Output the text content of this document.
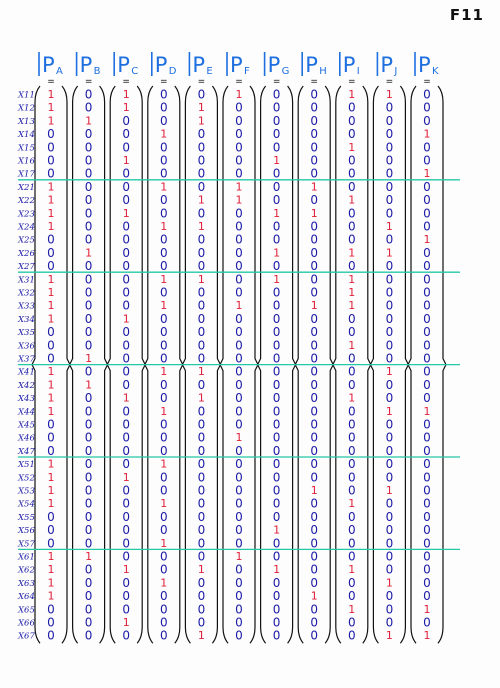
F11
P A
=
P B
=
P C
=
P D
=
P E
=
P F
=
P G
=
P H
=
P I
=
P J
=
P K
=
X11 1	0	1	0 0	1	0 0	1	1	0
X12 1	0	1	0	1	0 0 0 0 0 0
X13 1	1	0 0	1	0 0 0 0 0 0
X14 0 0 0	1	0 0 0 0 0 0	1
X15 0 0 0 0 0 0 0 0	1	0 0
X16 0 0	1	0 0 0	1	0 0 0 0
X17 0 0 0 0 0 0 0 0 0 0	1
X21 1	0 0	1	0	1	0	1	0 0 0
X22 1	0 0 0	1	1	0 0	1	0 0
X23 1	0	1	0 0 0	1	1	0 0 0
X24 1	0 0	1	1	0 0 0 0	1	0
X25 0 0 0 0 0 0 0 0 0 0	1
X26 0	1	0 0 0 0	1	0	1	1	0
X27 0 0 0 0 0 0 0 0 0 0 0
X31 1	0 0	1	1	0	1	0	1	0 0
X32 1	0 0 0 0 0 0 0	1	0 0
X33 1	0 0	1	0	1	0	1	1	0 0
X34 1	0	1	0 0 0 0 0 0 0 0
X35 0 0 0 0 0 0 0 0 0 0 0
X36 0 0 0 0 0 0 0 0	1	0 0
X37 0	1	0 0 0 0 0 0 0 0 0
X41 1	0 0	1	1	0 0 0 0	1	0
X42 1	1	0 0 0 0 0 0 0 0 0
X43 1	0	1	0	1	0 0 0	1	0 0
X44 1	0 0	1	0 0 0 0 0	1	1
X45 0 0 0 0 0 0 0 0 0 0 0
X46 0 0 0 0 0	1	0 0 0 0 0
X47 0 0 0 0 0 0 0 0 0 0 0
X51 1	0 0	1	0 0 0 0 0 0 0
X52 1	0	1	0 0 0 0 0 0 0 0
X53 1	0 0 0 0 0 0	1	0	1	0
X54 1	0 0	1	0 0 0 0	1	0 0
X55 0 0 0 0 0 0 0 0 0 0 0
X56 0 0 0 0 0 0	1	0 0 0 0
X57 0 0 0	1	0 0 0 0 0 0 0
X61 1	1	0 0 0	1	0 0 0 0 0
X62 1	0	1	0	1	0	1	0	1	0 0
X63 1	0 0	1	0 0 0 0 0	1	0
X64 1	0 0 0 0 0 0	1	0 0 0
X65 0 0 0 0 0 0 0 0	1	0	1
X66 0 0	1	0 0 0 0 0 0 0 0
X67 0 0 0 0	1	0 0 0 0	1	1
